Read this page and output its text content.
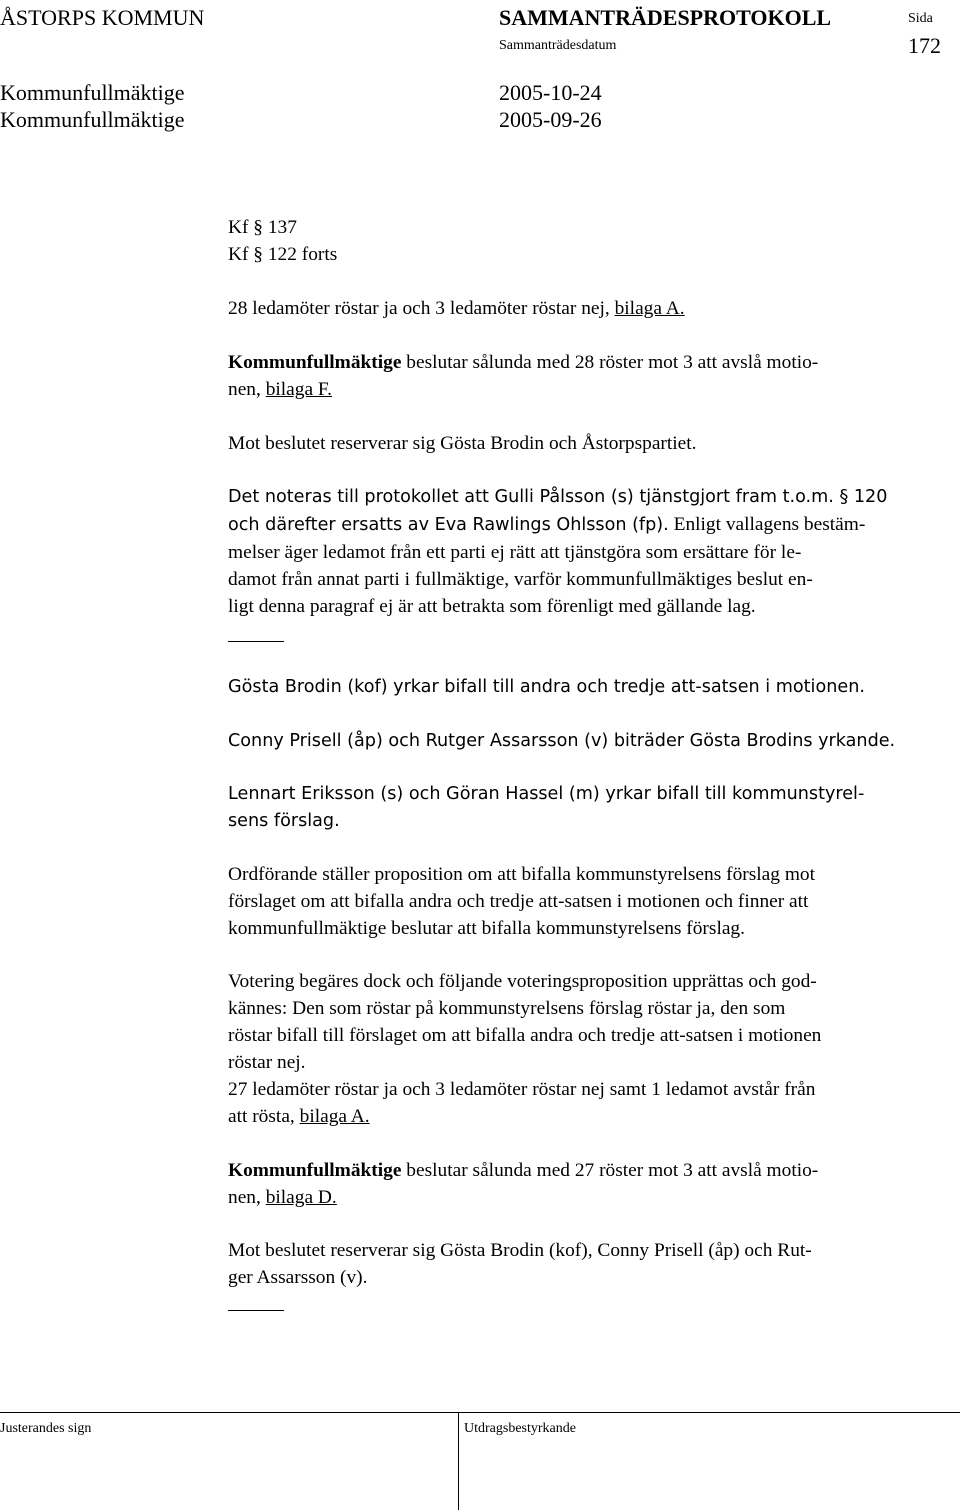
ÅSTORPS KOMMUN	SAMMANTRÄDESPROTOKOLL	Sida
Sammanträdesdatum	172
Kommunfullmäktige	2005-10-24
Kommunfullmäktige	2005-09-26
Kf § 137
Kf § 122 forts
28 ledamöter röstar ja och 3 ledamöter röstar nej, bilaga A.
Kommunfullmäktige beslutar sålunda med 28 röster mot 3 att avslå motio-
nen, bilaga F.
Mot beslutet reserverar sig Gösta Brodin och Åstorpspartiet.
Det noteras till protokollet att Gulli Pålsson (s) tjänstgjort fram t.o.m. § 120
och därefter ersatts av Eva Rawlings Ohlsson (fp). Enligt vallagens bestäm-
melser äger ledamot från ett parti ej rätt att tjänstgöra som ersättare för le-
damot från annat parti i fullmäktige, varför kommunfullmäktiges beslut en-
ligt denna paragraf ej är att betrakta som förenligt med gällande lag.
Gösta Brodin (kof) yrkar bifall till andra och tredje att-satsen i motionen.
Conny Prisell (åp) och Rutger Assarsson (v) biträder Gösta Brodins yrkande.
Lennart Eriksson (s) och Göran Hassel (m) yrkar bifall till kommunstyrel-
sens förslag.
Ordförande ställer proposition om att bifalla kommunstyrelsens förslag mot
förslaget om att bifalla andra och tredje att-satsen i motionen och finner att
kommunfullmäktige beslutar att bifalla kommunstyrelsens förslag.
Votering begäres dock och följande voteringsproposition upprättas och god-
kännes: Den som röstar på kommunstyrelsens förslag röstar ja, den som
röstar bifall till förslaget om att bifalla andra och tredje att-satsen i motionen
röstar nej.
27 ledamöter röstar ja och 3 ledamöter röstar nej samt 1 ledamot avstår från
att rösta, bilaga A.
Kommunfullmäktige beslutar sålunda med 27 röster mot 3 att avslå motio-
nen, bilaga D.
Mot beslutet reserverar sig Gösta Brodin (kof), Conny Prisell (åp) och Rut-
ger Assarsson (v).
Justerandes sign	Utdragsbestyrkande
